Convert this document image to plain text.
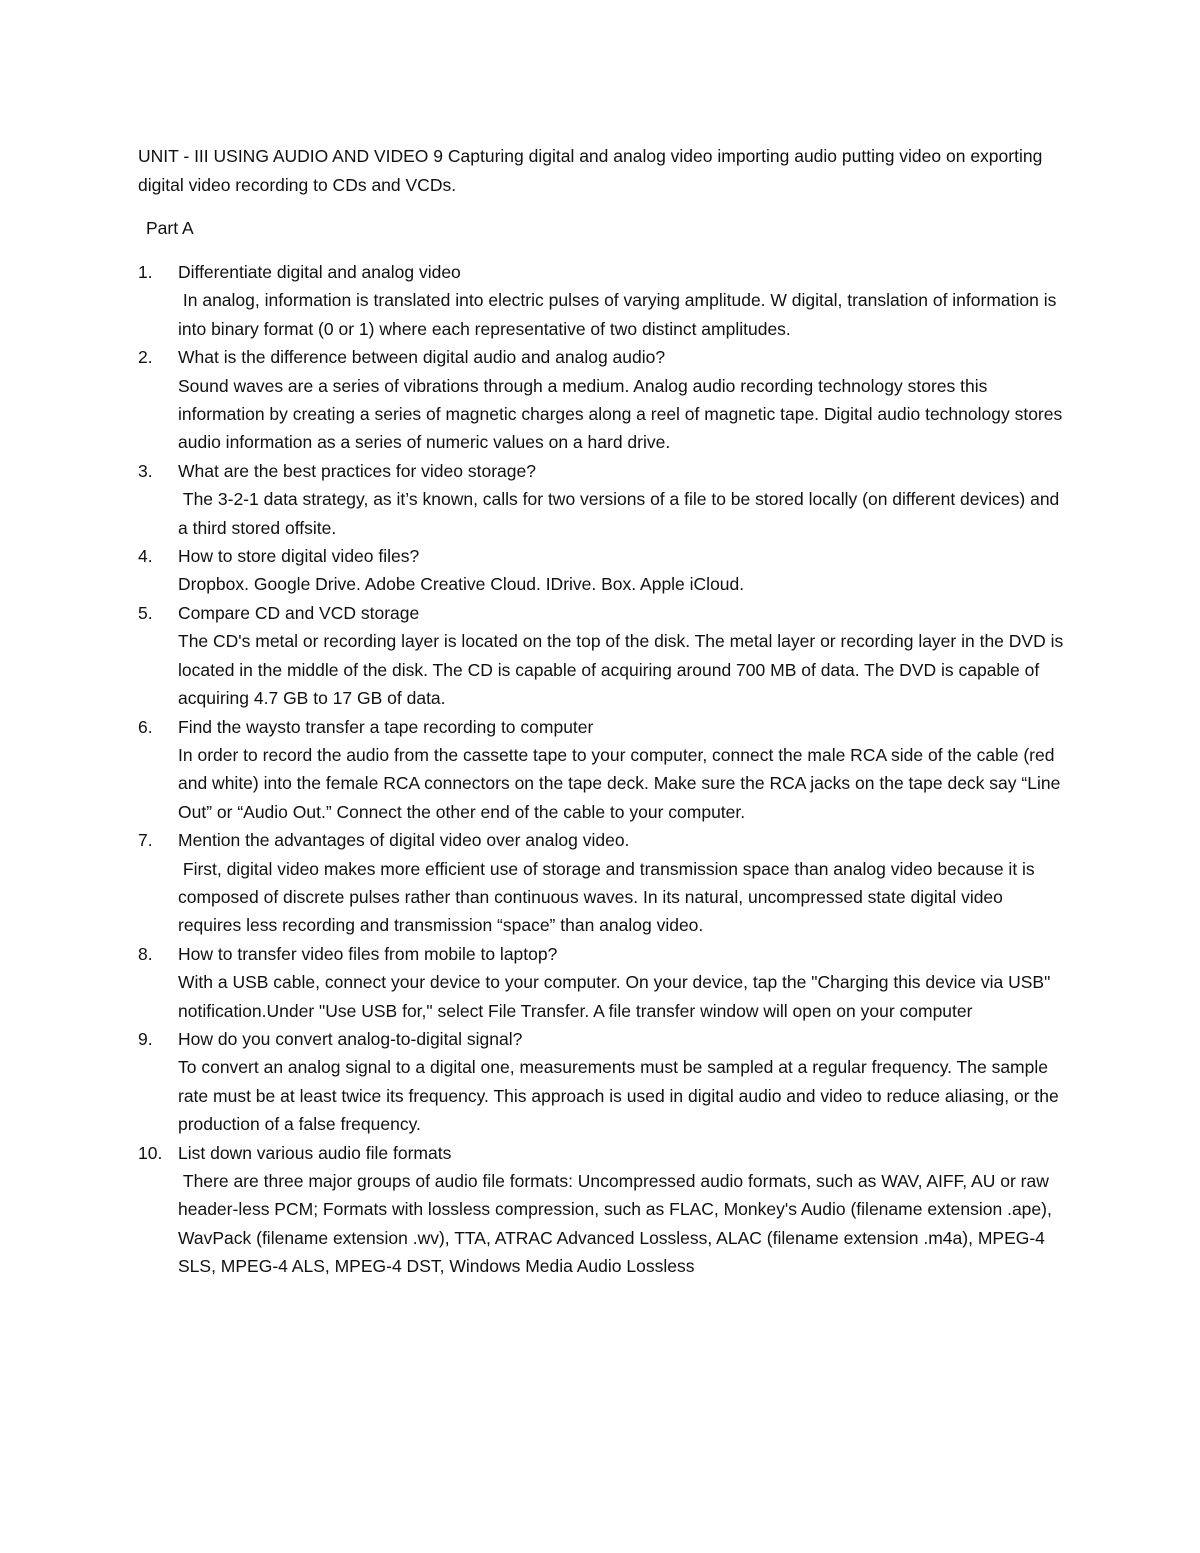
UNIT - III USING AUDIO AND VIDEO 9 Capturing digital and analog video importing audio putting video on exporting digital video recording to CDs and VCDs.

Part A

1.	Differentiate digital and analog video
In analog, information is translated into electric pulses of varying amplitude. W digital, translation of information is into binary format (0 or 1) where each representative of two distinct amplitudes.
2.	What is the difference between digital audio and analog audio?
Sound waves are a series of vibrations through a medium. Analog audio recording technology stores this information by creating a series of magnetic charges along a reel of magnetic tape. Digital audio technology stores audio information as a series of numeric values on a hard drive.
3.	What are the best practices for video storage?
The 3-2-1 data strategy, as it’s known, calls for two versions of a file to be stored locally (on different devices) and a third stored offsite.
4.	How to store digital video files?
Dropbox. Google Drive. Adobe Creative Cloud. IDrive. Box. Apple iCloud.
5.	Compare CD and VCD storage
The CD's metal or recording layer is located on the top of the disk. The metal layer or recording layer in the DVD is located in the middle of the disk. The CD is capable of acquiring around 700 MB of data. The DVD is capable of acquiring 4.7 GB to 17 GB of data.
6.	Find the waysto transfer a tape recording to computer
In order to record the audio from the cassette tape to your computer, connect the male RCA side of the cable (red and white) into the female RCA connectors on the tape deck. Make sure the RCA jacks on the tape deck say “Line Out” or “Audio Out.” Connect the other end of the cable to your computer.
7.	Mention the advantages of digital video over analog video.
First, digital video makes more efficient use of storage and transmission space than analog video because it is composed of discrete pulses rather than continuous waves. In its natural, uncompressed state digital video requires less recording and transmission “space” than analog video.
8.	How to transfer video files from mobile to laptop?
With a USB cable, connect your device to your computer. On your device, tap the "Charging this device via USB" notification.Under "Use USB for," select File Transfer. A file transfer window will open on your computer
9.	How do you convert analog-to-digital signal?
To convert an analog signal to a digital one, measurements must be sampled at a regular frequency. The sample rate must be at least twice its frequency. This approach is used in digital audio and video to reduce aliasing, or the production of a false frequency.
10. List down various audio file formats
There are three major groups of audio file formats: Uncompressed audio formats, such as WAV, AIFF, AU or raw header-less PCM; Formats with lossless compression, such as FLAC, Monkey's Audio (filename extension .ape), WavPack (filename extension .wv), TTA, ATRAC Advanced Lossless, ALAC (filename extension .m4a), MPEG-4 SLS, MPEG-4 ALS, MPEG-4 DST, Windows Media Audio Lossless
